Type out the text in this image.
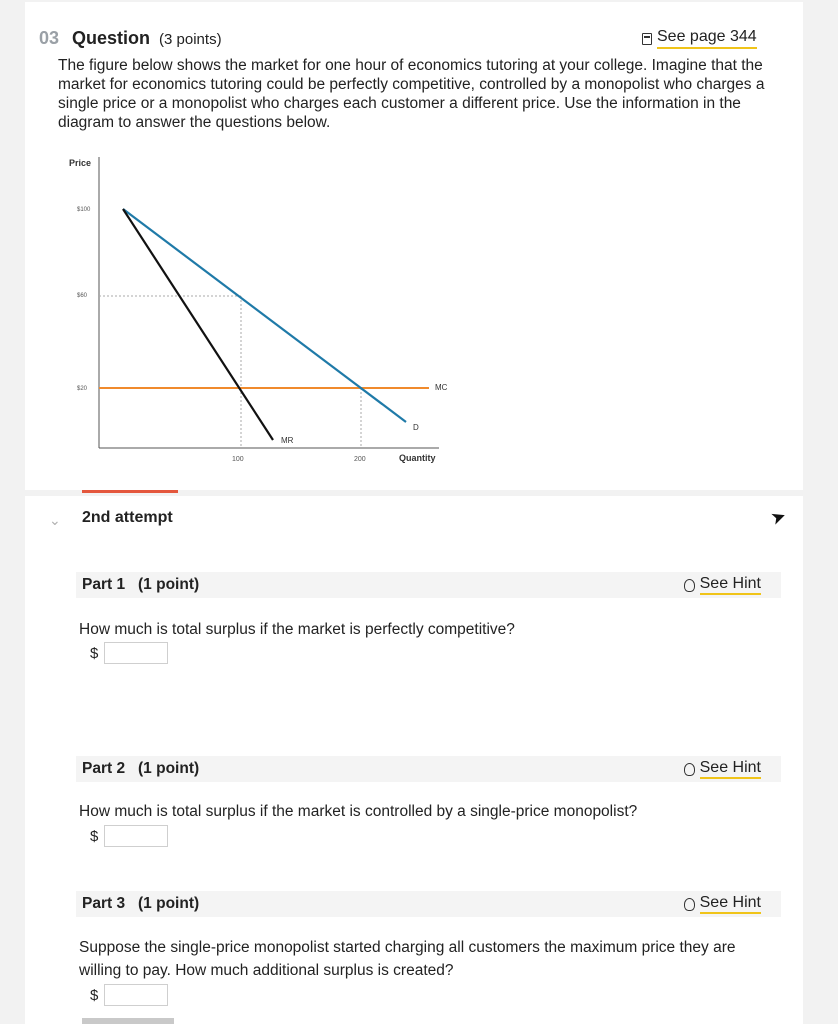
03 Question (3 points)	See page 344
The figure below shows the market for one hour of economics tutoring at your college. Imagine that the market for economics tutoring could be perfectly competitive, controlled by a monopolist who charges a single price or a monopolist who charges each customer a different price. Use the information in the diagram to answer the questions below.
Price
$100
$60
$20
100	200	Quantity
MC
D
MR
⌄ 2nd attempt	➤
Part 1 (1 point)	See Hint
How much is total surplus if the market is perfectly competitive?
$
Part 2 (1 point)	See Hint
How much is total surplus if the market is controlled by a single-price monopolist?
$
Part 3 (1 point)	See Hint
Suppose the single-price monopolist started charging all customers the maximum price they are willing to pay. How much additional surplus is created?
$
